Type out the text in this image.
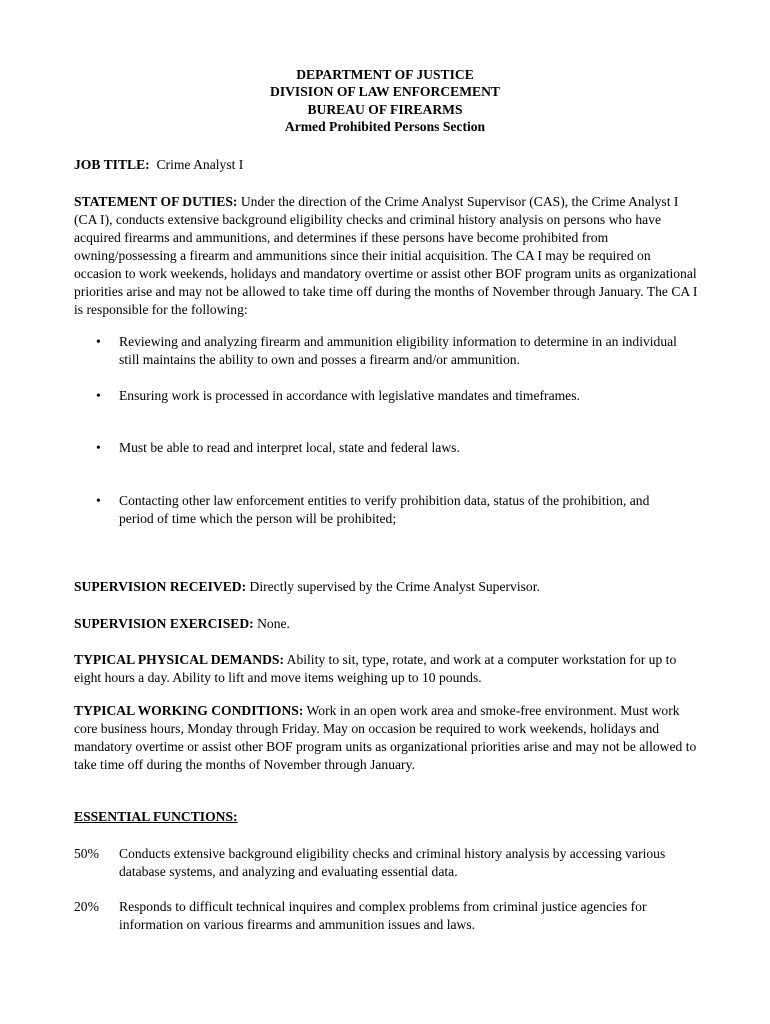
DEPARTMENT OF JUSTICE
DIVISION OF LAW ENFORCEMENT
BUREAU OF FIREARMS
Armed Prohibited Persons Section
JOB TITLE: Crime Analyst I
STATEMENT OF DUTIES: Under the direction of the Crime Analyst Supervisor (CAS), the Crime Analyst I (CA I), conducts extensive background eligibility checks and criminal history analysis on persons who have acquired firearms and ammunitions, and determines if these persons have become prohibited from owning/possessing a firearm and ammunitions since their initial acquisition. The CA I may be required on occasion to work weekends, holidays and mandatory overtime or assist other BOF program units as organizational priorities arise and may not be allowed to take time off during the months of November through January. The CA I is responsible for the following:
•	Reviewing and analyzing firearm and ammunition eligibility information to determine in an individual still maintains the ability to own and posses a firearm and/or ammunition.
•	Ensuring work is processed in accordance with legislative mandates and timeframes.
•	Must be able to read and interpret local, state and federal laws.
•	Contacting other law enforcement entities to verify prohibition data, status of the prohibition, and period of time which the person will be prohibited;
SUPERVISION RECEIVED: Directly supervised by the Crime Analyst Supervisor.
SUPERVISION EXERCISED: None.
TYPICAL PHYSICAL DEMANDS: Ability to sit, type, rotate, and work at a computer workstation for up to eight hours a day. Ability to lift and move items weighing up to 10 pounds.
TYPICAL WORKING CONDITIONS: Work in an open work area and smoke-free environment. Must work core business hours, Monday through Friday. May on occasion be required to work weekends, holidays and mandatory overtime or assist other BOF program units as organizational priorities arise and may not be allowed to take time off during the months of November through January.
ESSENTIAL FUNCTIONS:
50% Conducts extensive background eligibility checks and criminal history analysis by accessing various database systems, and analyzing and evaluating essential data.
20% Responds to difficult technical inquires and complex problems from criminal justice agencies for information on various firearms and ammunition issues and laws.
